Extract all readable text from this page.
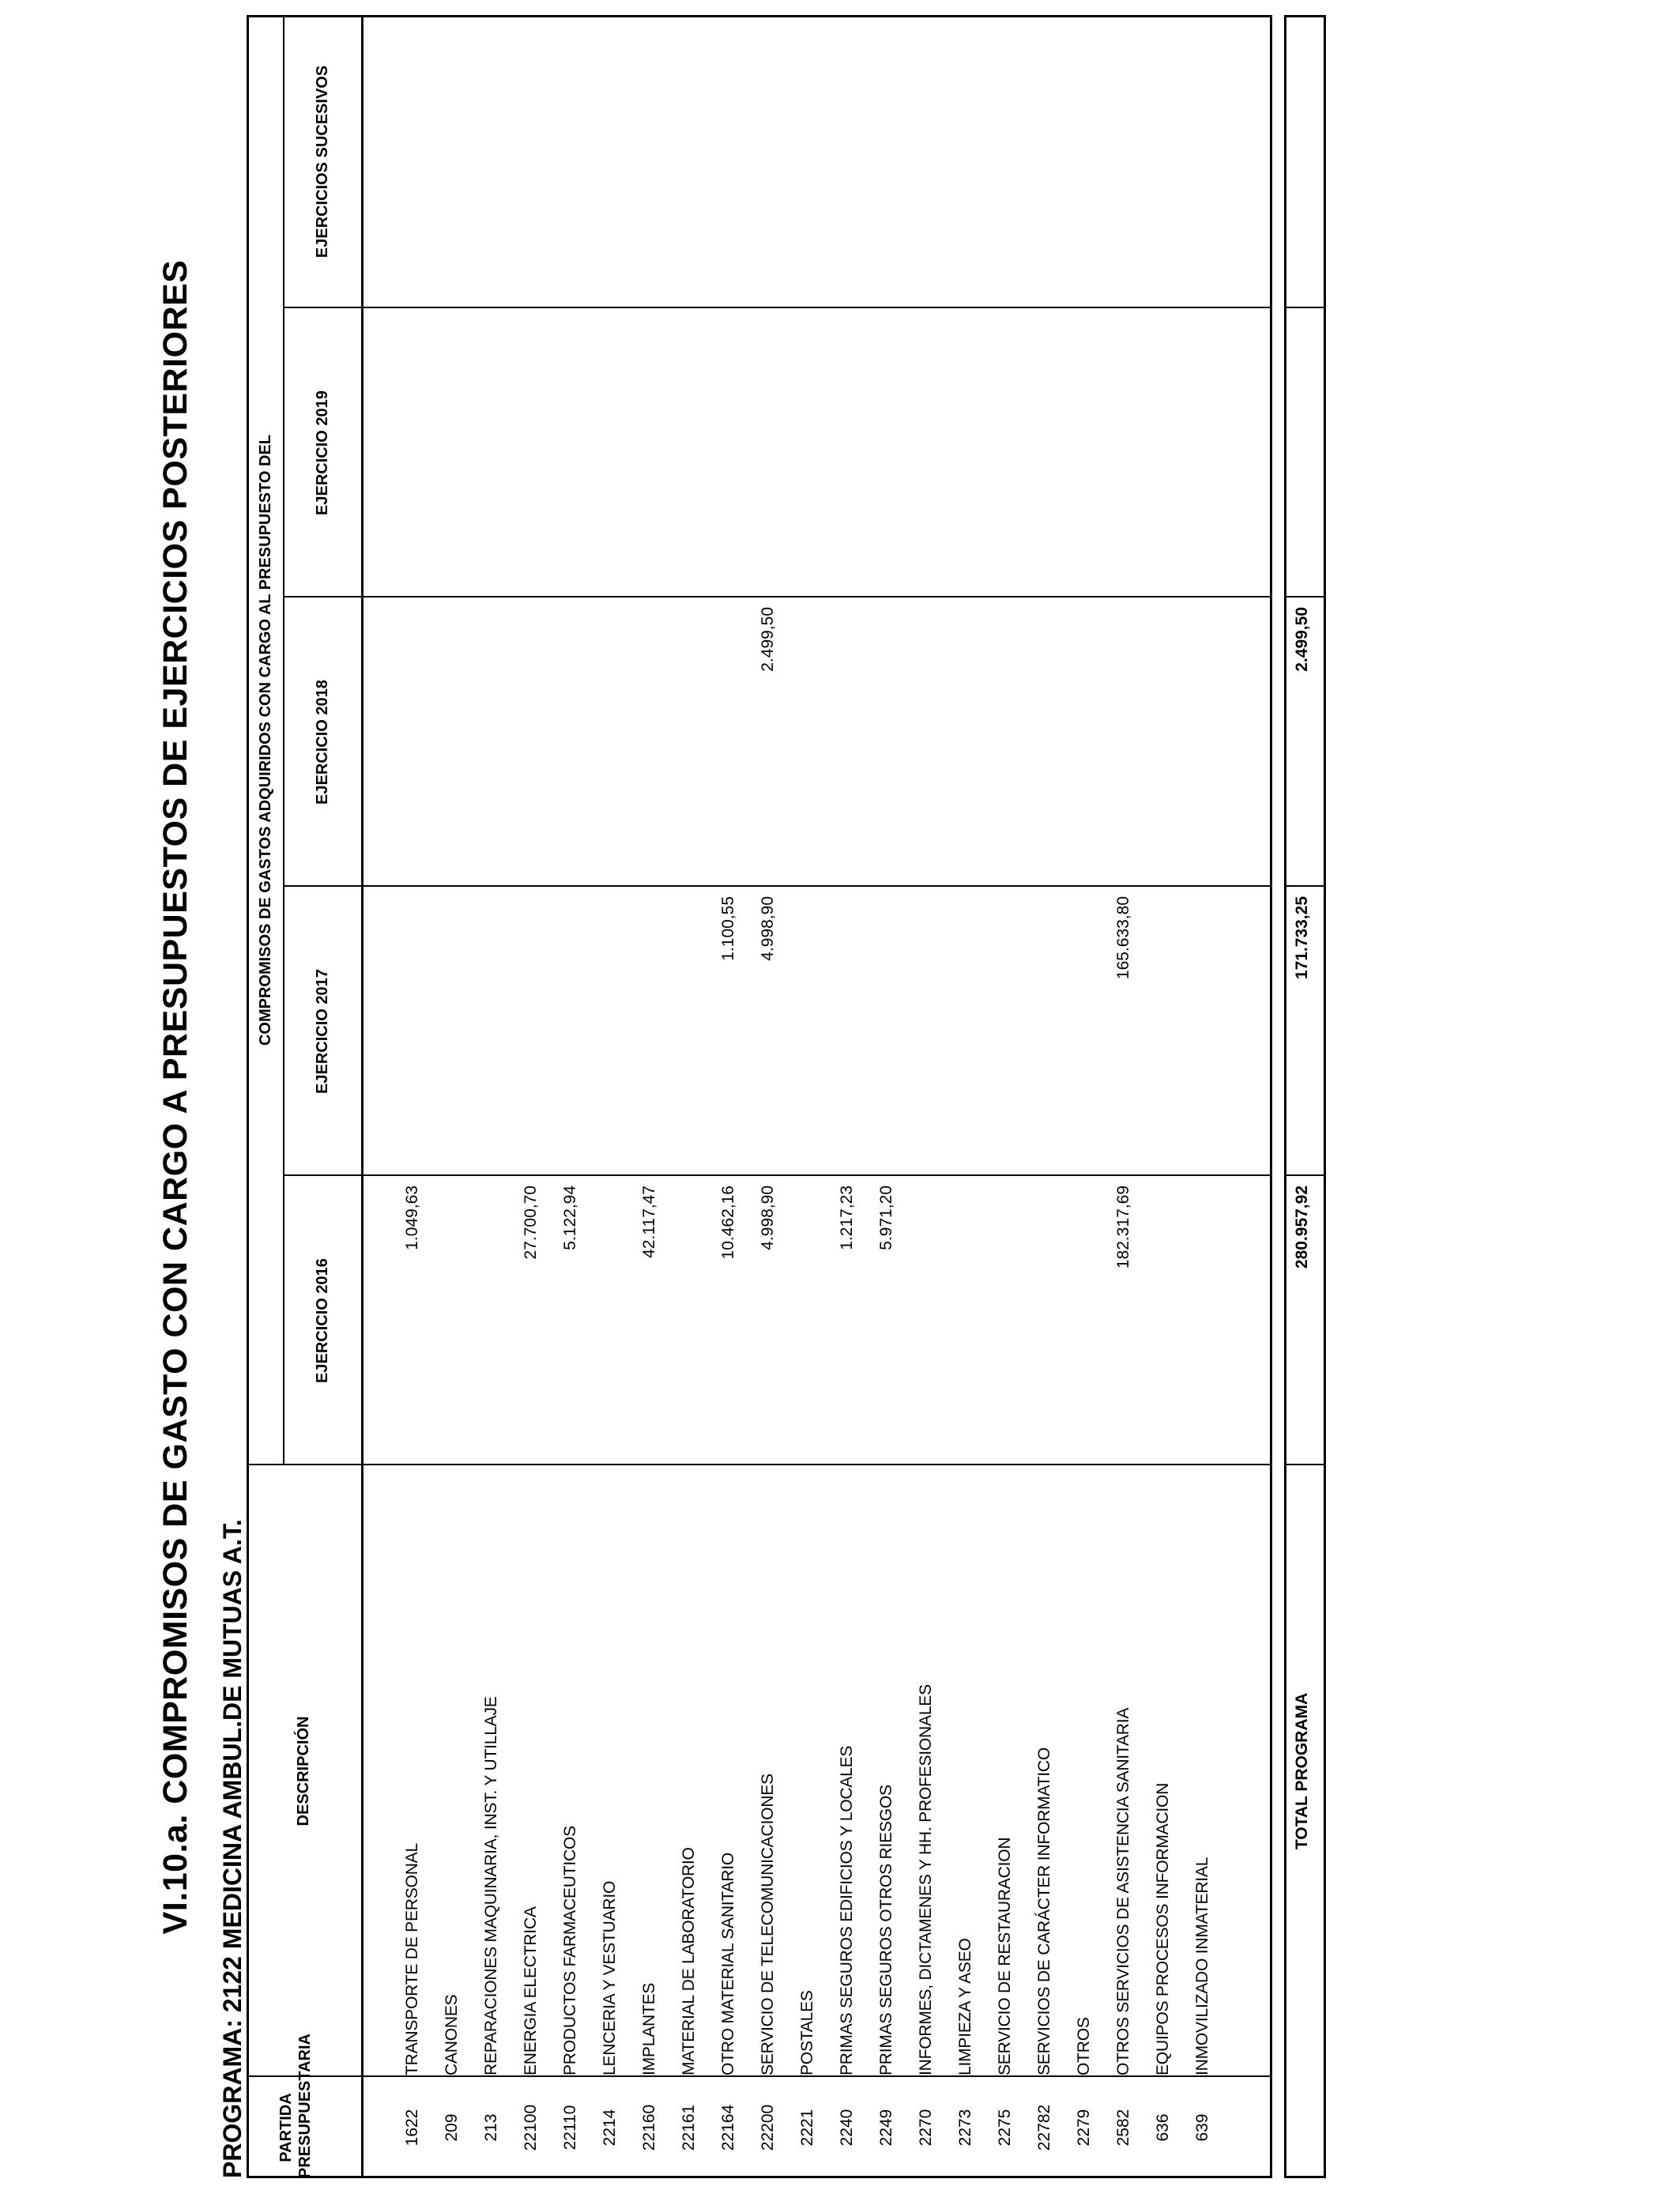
VI.10.a. COMPROMISOS DE GASTO CON CARGO A PRESUPUESTOS DE EJERCICIOS POSTERIORES PROGRAMA: 2122 MEDICINA AMBUL.DE MUTUAS A.T. PARTIDA PRESUPUESTARIA
DESCRIPCIÓN
COMPROMISOS DE GASTOS ADQUIRIDOS CON CARGO AL PRESUPUESTO DEL
EJERCICIO 2016
EJERCICIO 2017
EJERCICIO 2018
EJERCICIO 2019
EJERCICIOS SUCESIVOS
1622
TRANSPORTE DE PERSONAL
1.049,63
209
CANONES
213
REPARACIONES MAQUINARIA, INST. Y UTILLAJE
22100
ENERGIA ELECTRICA
27.700,70
22110
PRODUCTOS FARMACEUTICOS
5.122,94
2214
LENCERIA Y VESTUARIO
22160
IMPLANTES
42.117,47
22161
MATERIAL DE LABORATORIO
22164
OTRO MATERIAL SANITARIO
10.462,16
1.100,55
22200
SERVICIO DE TELECOMUNICACIONES
4.998,90
4.998,90
2.499,50
2221
POSTALES
2240
PRIMAS SEGUROS EDIFICIOS Y LOCALES
1.217,23
2249
PRIMAS SEGUROS OTROS RIESGOS
5.971,20
2270
INFORMES, DICTAMENES Y HH. PROFESIONALES
2273
LIMPIEZA Y ASEO
2275
SERVICIO DE RESTAURACION
22782
SERVICIOS DE CARÁCTER INFORMATICO
2279
OTROS
2582
OTROS SERVICIOS DE ASISTENCIA SANITARIA
182.317,69
165.633,80
636
EQUIPOS PROCESOS INFORMACION
639
INMOVILIZADO INMATERIAL
TOTAL PROGRAMA
280.957,92
171.733,25
2.499,50
